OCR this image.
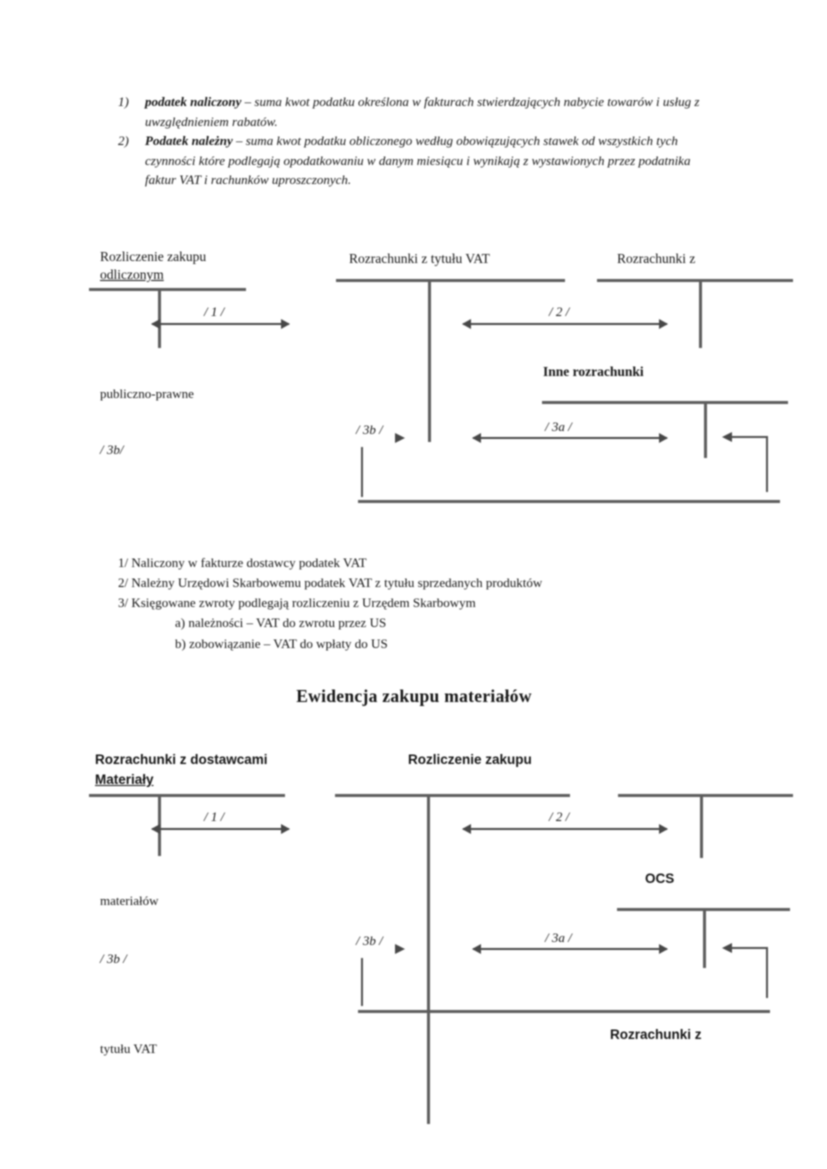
1)	podatek naliczony – suma kwot podatku określona w fakturach stwierdzających nabycie towarów i usług z uwzględnieniem rabatów.
2)	Podatek należny – suma kwot podatku obliczonego według obowiązujących stawek od wszystkich tych czynności które podlegają opodatkowaniu w danym miesiącu i wynikają z wystawionych przez podatnika faktur VAT i rachunków uproszczonych.
Rozliczenie zakupu
odliczonym
Rozrachunki z tytułu VAT	Rozrachunki z
/ 1 /	/ 2 /
Inne rozrachunki
publiczno-prawne
/ 3b/
/ 3b /	/ 3a /
1/ Naliczony w fakturze dostawcy podatek VAT
2/ Należny Urzędowi Skarbowemu podatek VAT z tytułu sprzedanych produktów
3/ Księgowane zwroty podlegają rozliczeniu z Urzędem Skarbowym
a) należności – VAT do zwrotu przez US
b) zobowiązanie – VAT do wpłaty do US
Ewidencja zakupu materiałów
Rozrachunki z dostawcami
Materiały
Rozliczenie zakupu
/ 1 /	/ 2 /
OCS
materiałów
/ 3b /
tytułu VAT
/ 3b /	/ 3a /
Rozrachunki z
